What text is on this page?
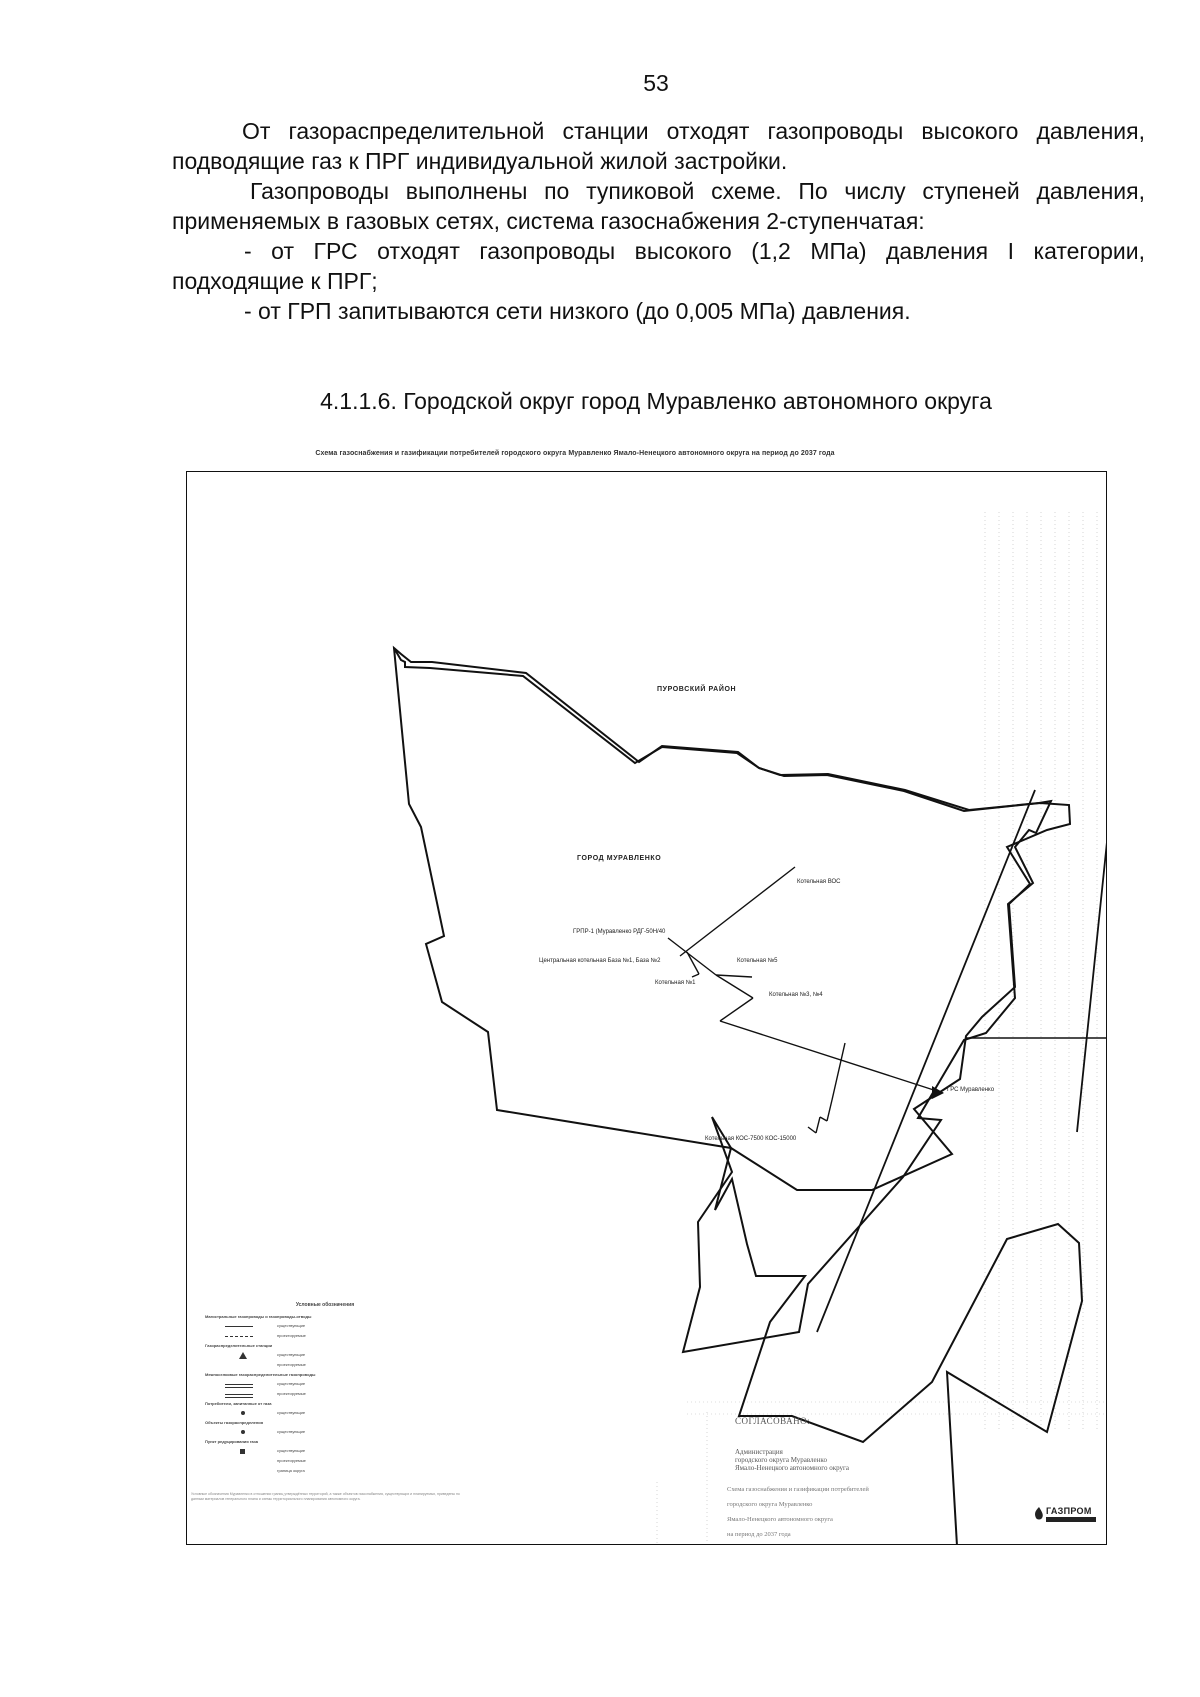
53

От газораспределительной станции отходят газопроводы высокого давления, подводящие газ к ПРГ индивидуальной жилой застройки.

Газопроводы выполнены по тупиковой схеме. По числу ступеней давления, применяемых в газовых сетях, система газоснабжения 2-ступенчатая:

- от ГРС отходят газопроводы высокого (1,2 МПа) давления I категории, подходящие к ПРГ;

- от ГРП запитываются сети низкого (до 0,005 МПа) давления.

4.1.1.6. Городской округ город Муравленко автономного округа
Схема газоснабжения и газификации потребителей городского округа Муравленко Ямало-Ненецкого автономного округа на период до 2037 года
ПУРОВСКИЙ РАЙОН
ГОРОД МУРАВЛЕНКО
Котельная ВОС
ГРПР-1 (Муравленко РДГ-50Н/40
Центральная котельная База №1, База №2	Котельная №5
Котельная №1
Котельная №3, №4
ГРС Муравленко
Котельная КОС-7500 КОС-15000
Условные обозначения
Магистральные газопроводы и газопроводы-отводы
существующие
проектируемые
Газораспределительные станции
существующие
проектируемые
Межпоселковые газораспределительные газопроводы
существующие
проектируемые
Потребители, запитанные от газа
существующие
Объекты газораспределения
существующие
Пункт редуцирования газа
существующие
проектируемые
граница округа
Условные обозначения Муравленко в отношении границ утверждённых территорий, а также объектов газоснабжения, существующих и планируемых, приведены по данным материалов генерального плана и схемы территориального планирования автономного округа.
СОГЛАСОВАНО:
Администрация
городского округа Муравленко
Ямало-Ненецкого автономного округа
Схема газоснабжения и газификации потребителей
городского округа Муравленко
Ямало-Ненецкого автономного округа
на период до 2037 года
ГАЗПРОМ
